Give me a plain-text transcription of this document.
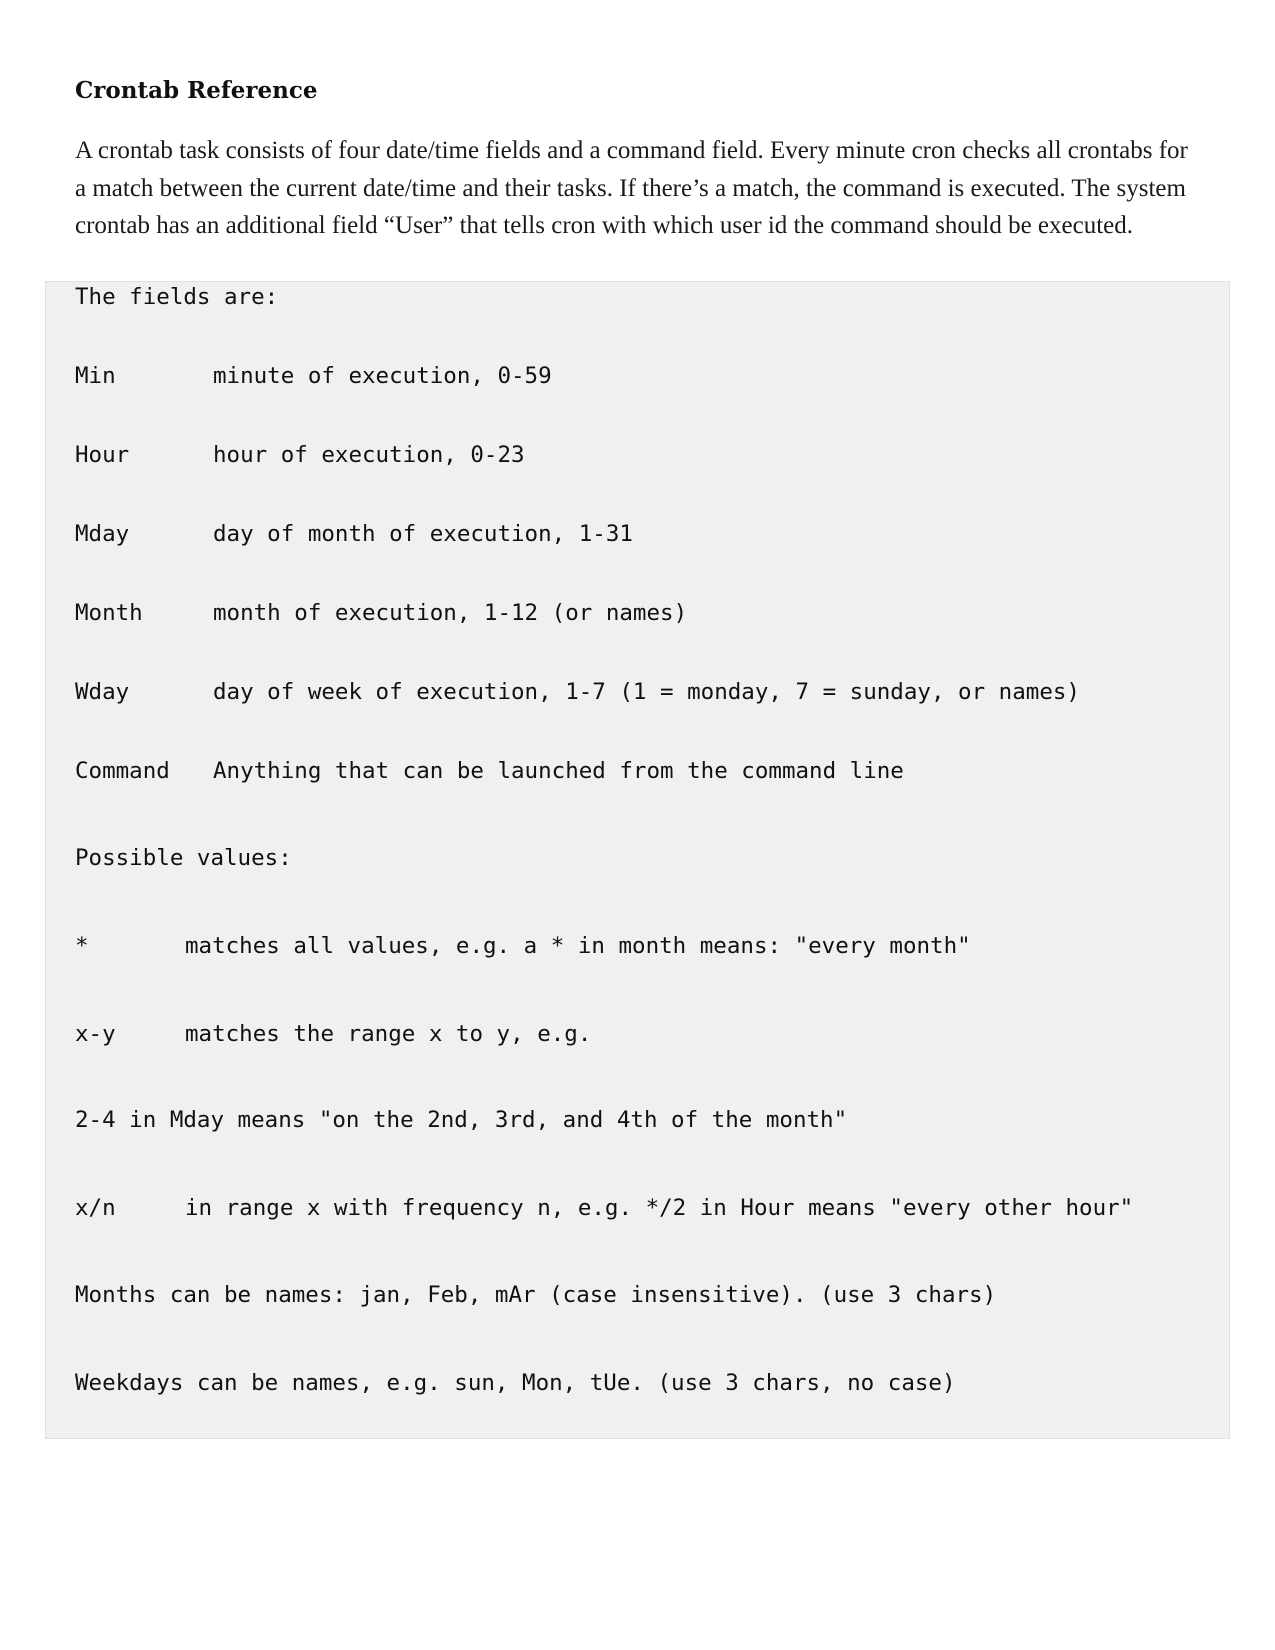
Crontab Reference

A crontab task consists of four date/time fields and a command field. Every minute cron checks all crontabs for a match between the current date/time and their tasks. If there’s a match, the command is executed. The system crontab has an additional field “User” that tells cron with which user id the command should be executed.

The fields are:
Min	minute of execution, 0-59
Hour	hour of execution, 0-23
Mday	day of month of execution, 1-31
Month	month of execution, 1-12 (or names)
Wday	day of week of execution, 1-7 (1 = monday, 7 = sunday, or names)
Command Anything that can be launched from the command line
Possible values:
*	matches all values, e.g. a * in month means: "every month"
x-y	matches the range x to y, e.g.
2-4 in Mday means "on the 2nd, 3rd, and 4th of the month"
x/n	in range x with frequency n, e.g. */2 in Hour means "every other hour"
Months can be names: jan, Feb, mAr (case insensitive). (use 3 chars)
Weekdays can be names, e.g. sun, Mon, tUe. (use 3 chars, no case)
